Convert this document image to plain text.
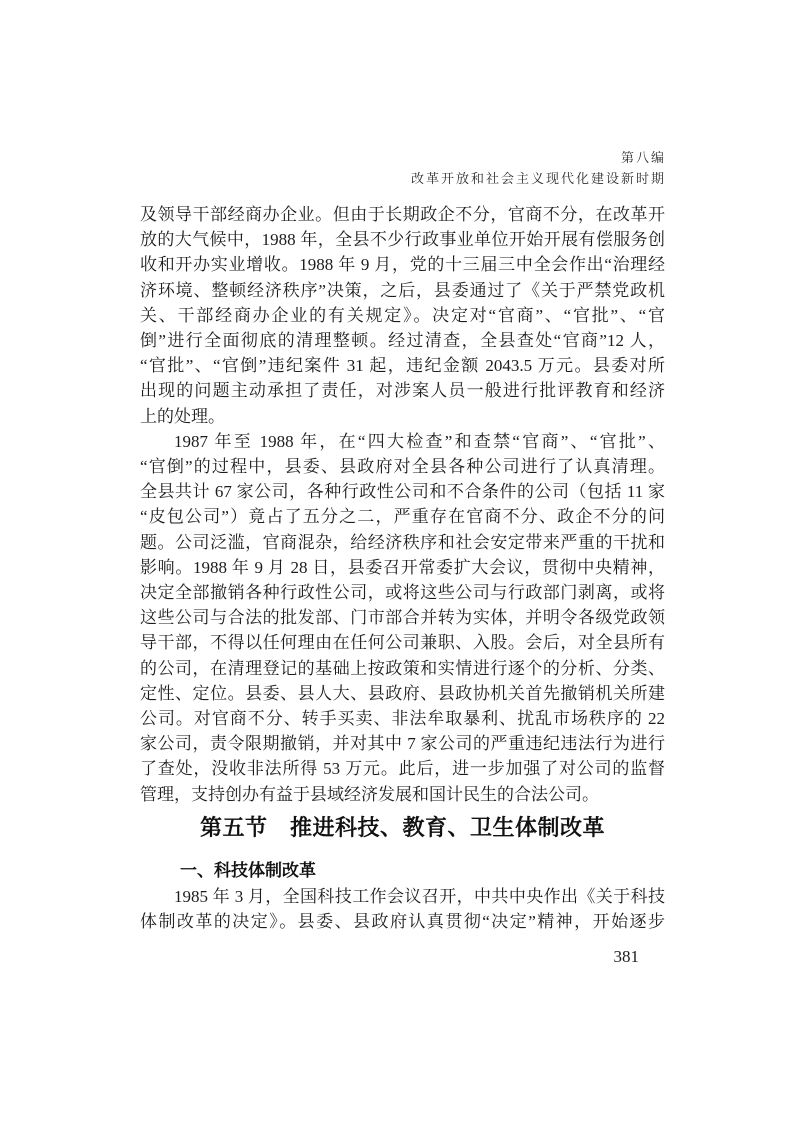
第八编
改革开放和社会主义现代化建设新时期
及领导干部经商办企业。但由于长期政企不分，官商不分，在改革开
放的大气候中，1988 年，全县不少行政事业单位开始开展有偿服务创
收和开办实业增收。1988 年 9 月，党的十三届三中全会作出“治理经
济环境、整顿经济秩序”决策，之后，县委通过了《关于严禁党政机
关、干部经商办企业的有关规定》。决定对“官商”、“官批”、“官
倒”进行全面彻底的清理整顿。经过清查，全县查处“官商”12 人，
“官批”、“官倒”违纪案件 31 起，违纪金额 2043.5 万元。县委对所
出现的问题主动承担了责任，对涉案人员一般进行批评教育和经济
上的处理。
1987 年至 1988 年，在“四大检查”和查禁“官商”、“官批”、
“官倒”的过程中，县委、县政府对全县各种公司进行了认真清理。
全县共计 67 家公司，各种行政性公司和不合条件的公司（包括 11 家
“皮包公司”）竟占了五分之二，严重存在官商不分、政企不分的问
题。公司泛滥，官商混杂，给经济秩序和社会安定带来严重的干扰和
影响。1988 年 9 月 28 日，县委召开常委扩大会议，贯彻中央精神，
决定全部撤销各种行政性公司，或将这些公司与行政部门剥离，或将
这些公司与合法的批发部、门市部合并转为实体，并明令各级党政领
导干部，不得以任何理由在任何公司兼职、入股。会后，对全县所有
的公司，在清理登记的基础上按政策和实情进行逐个的分析、分类、
定性、定位。县委、县人大、县政府、县政协机关首先撤销机关所建
公司。对官商不分、转手买卖、非法牟取暴利、扰乱市场秩序的 22
家公司，责令限期撤销，并对其中 7 家公司的严重违纪违法行为进行
了查处，没收非法所得 53 万元。此后，进一步加强了对公司的监督
管理，支持创办有益于县域经济发展和国计民生的合法公司。
第五节　推进科技、教育、卫生体制改革
一、科技体制改革
1985 年 3 月，全国科技工作会议召开，中共中央作出《关于科技
体制改革的决定》。县委、县政府认真贯彻“决定”精神，开始逐步
381
